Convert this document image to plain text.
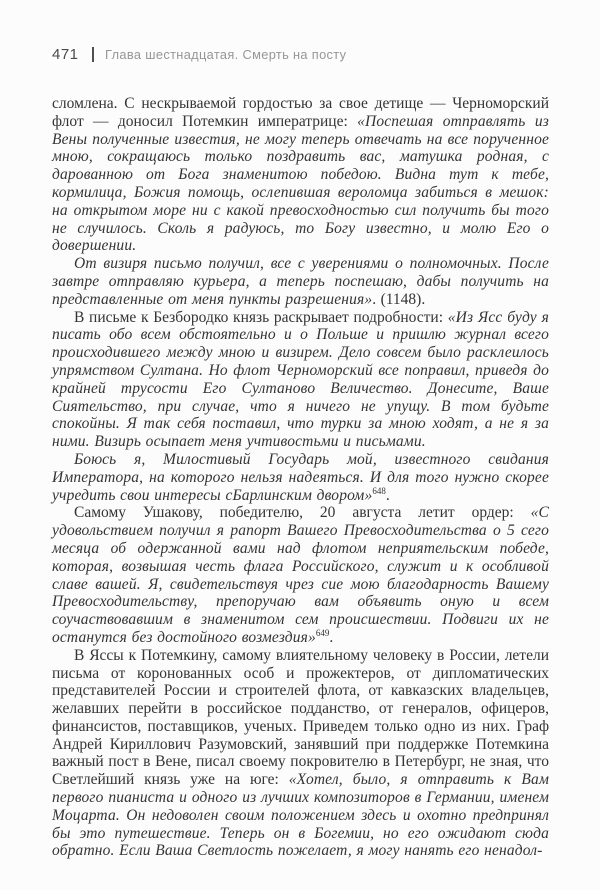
471 Глава шестнадцатая. Смерть на посту

сломлена. С нескрываемой гордостью за свое детище — Черноморский флот — доносил Потемкин императрице: «Поспешая отправлять из Вены полученные известия, не могу теперь отвечать на все порученное мною, сокращаюсь только поздравить вас, матушка родная, с дарованною от Бога знаменитою победою. Видна тут к тебе, кормилица, Божия помощь, ослепившая вероломца забиться в мешок: на открытом море ни с какой превосходностью сил получить бы того не случилось. Сколь я радуюсь, то Богу известно, и молю Его о довершении.

От визиря письмо получил, все с уверениями о полномочных. После завтре отправляю курьера, а теперь поспешаю, дабы получить на представленные от меня пункты разрешения». (1148).

В письме к Безбородко князь раскрывает подробности: «Из Ясс буду я писать обо всем обстоятельно и о Польше и пришлю журнал всего происходившего между мною и визирем. Дело совсем было расклеилось упрямством Султана. Но флот Черноморский все поправил, приведя до крайней трусости Его Султаново Величество. Донесите, Ваше Сиятельство, при случае, что я ничего не упущу. В том будьте спокойны. Я так себя поставил, что турки за мною ходят, а не я за ними. Визирь осыпает меня учтивостьми и письмами.

Боюсь я, Милостивый Государь мой, известного свидания Императора, на которого нельзя надеяться. И для того нужно скорее учредить свои интересы сБарлинским двором»$^{648}$.

Самому Ушакову, победителю, 20 августа летит ордер: «С удовольствием получил я рапорт Вашего Превосходительства о 5 сего месяца об одержанной вами над флотом неприятельским победе, которая, возвышая честь флага Российского, служит и к особливой славе вашей. Я, свидетельствуя чрез сие мою благодарность Вашему Превосходительству, препоручаю вам объявить оную и всем соучаствовавшим в знаменитом сем происшествии. Подвиги их не останутся без достойного возмездия»$^{649}$.

В Яссы к Потемкину, самому влиятельному человеку в России, летели письма от коронованных особ и прожектеров, от дипломатических представителей России и строителей флота, от кавказских владельцев, желавших перейти в российское подданство, от генералов, офицеров, финансистов, поставщиков, ученых. Приведем только одно из них. Граф Андрей Кириллович Разумовский, занявший при поддержке Потемкина важный пост в Вене, писал своему покровителю в Петербург, не зная, что Светлейший князь уже на юге: «Хотел, было, я отправить к Вам первого пианиста и одного из лучших композиторов в Германии, именем Моцарта. Он недоволен своим положением здесь и охотно предпринял бы это путешествие. Теперь он в Богемии, но его ожидают сюда обратно. Если Ваша Светлость пожелает, я могу нанять его ненадол-
